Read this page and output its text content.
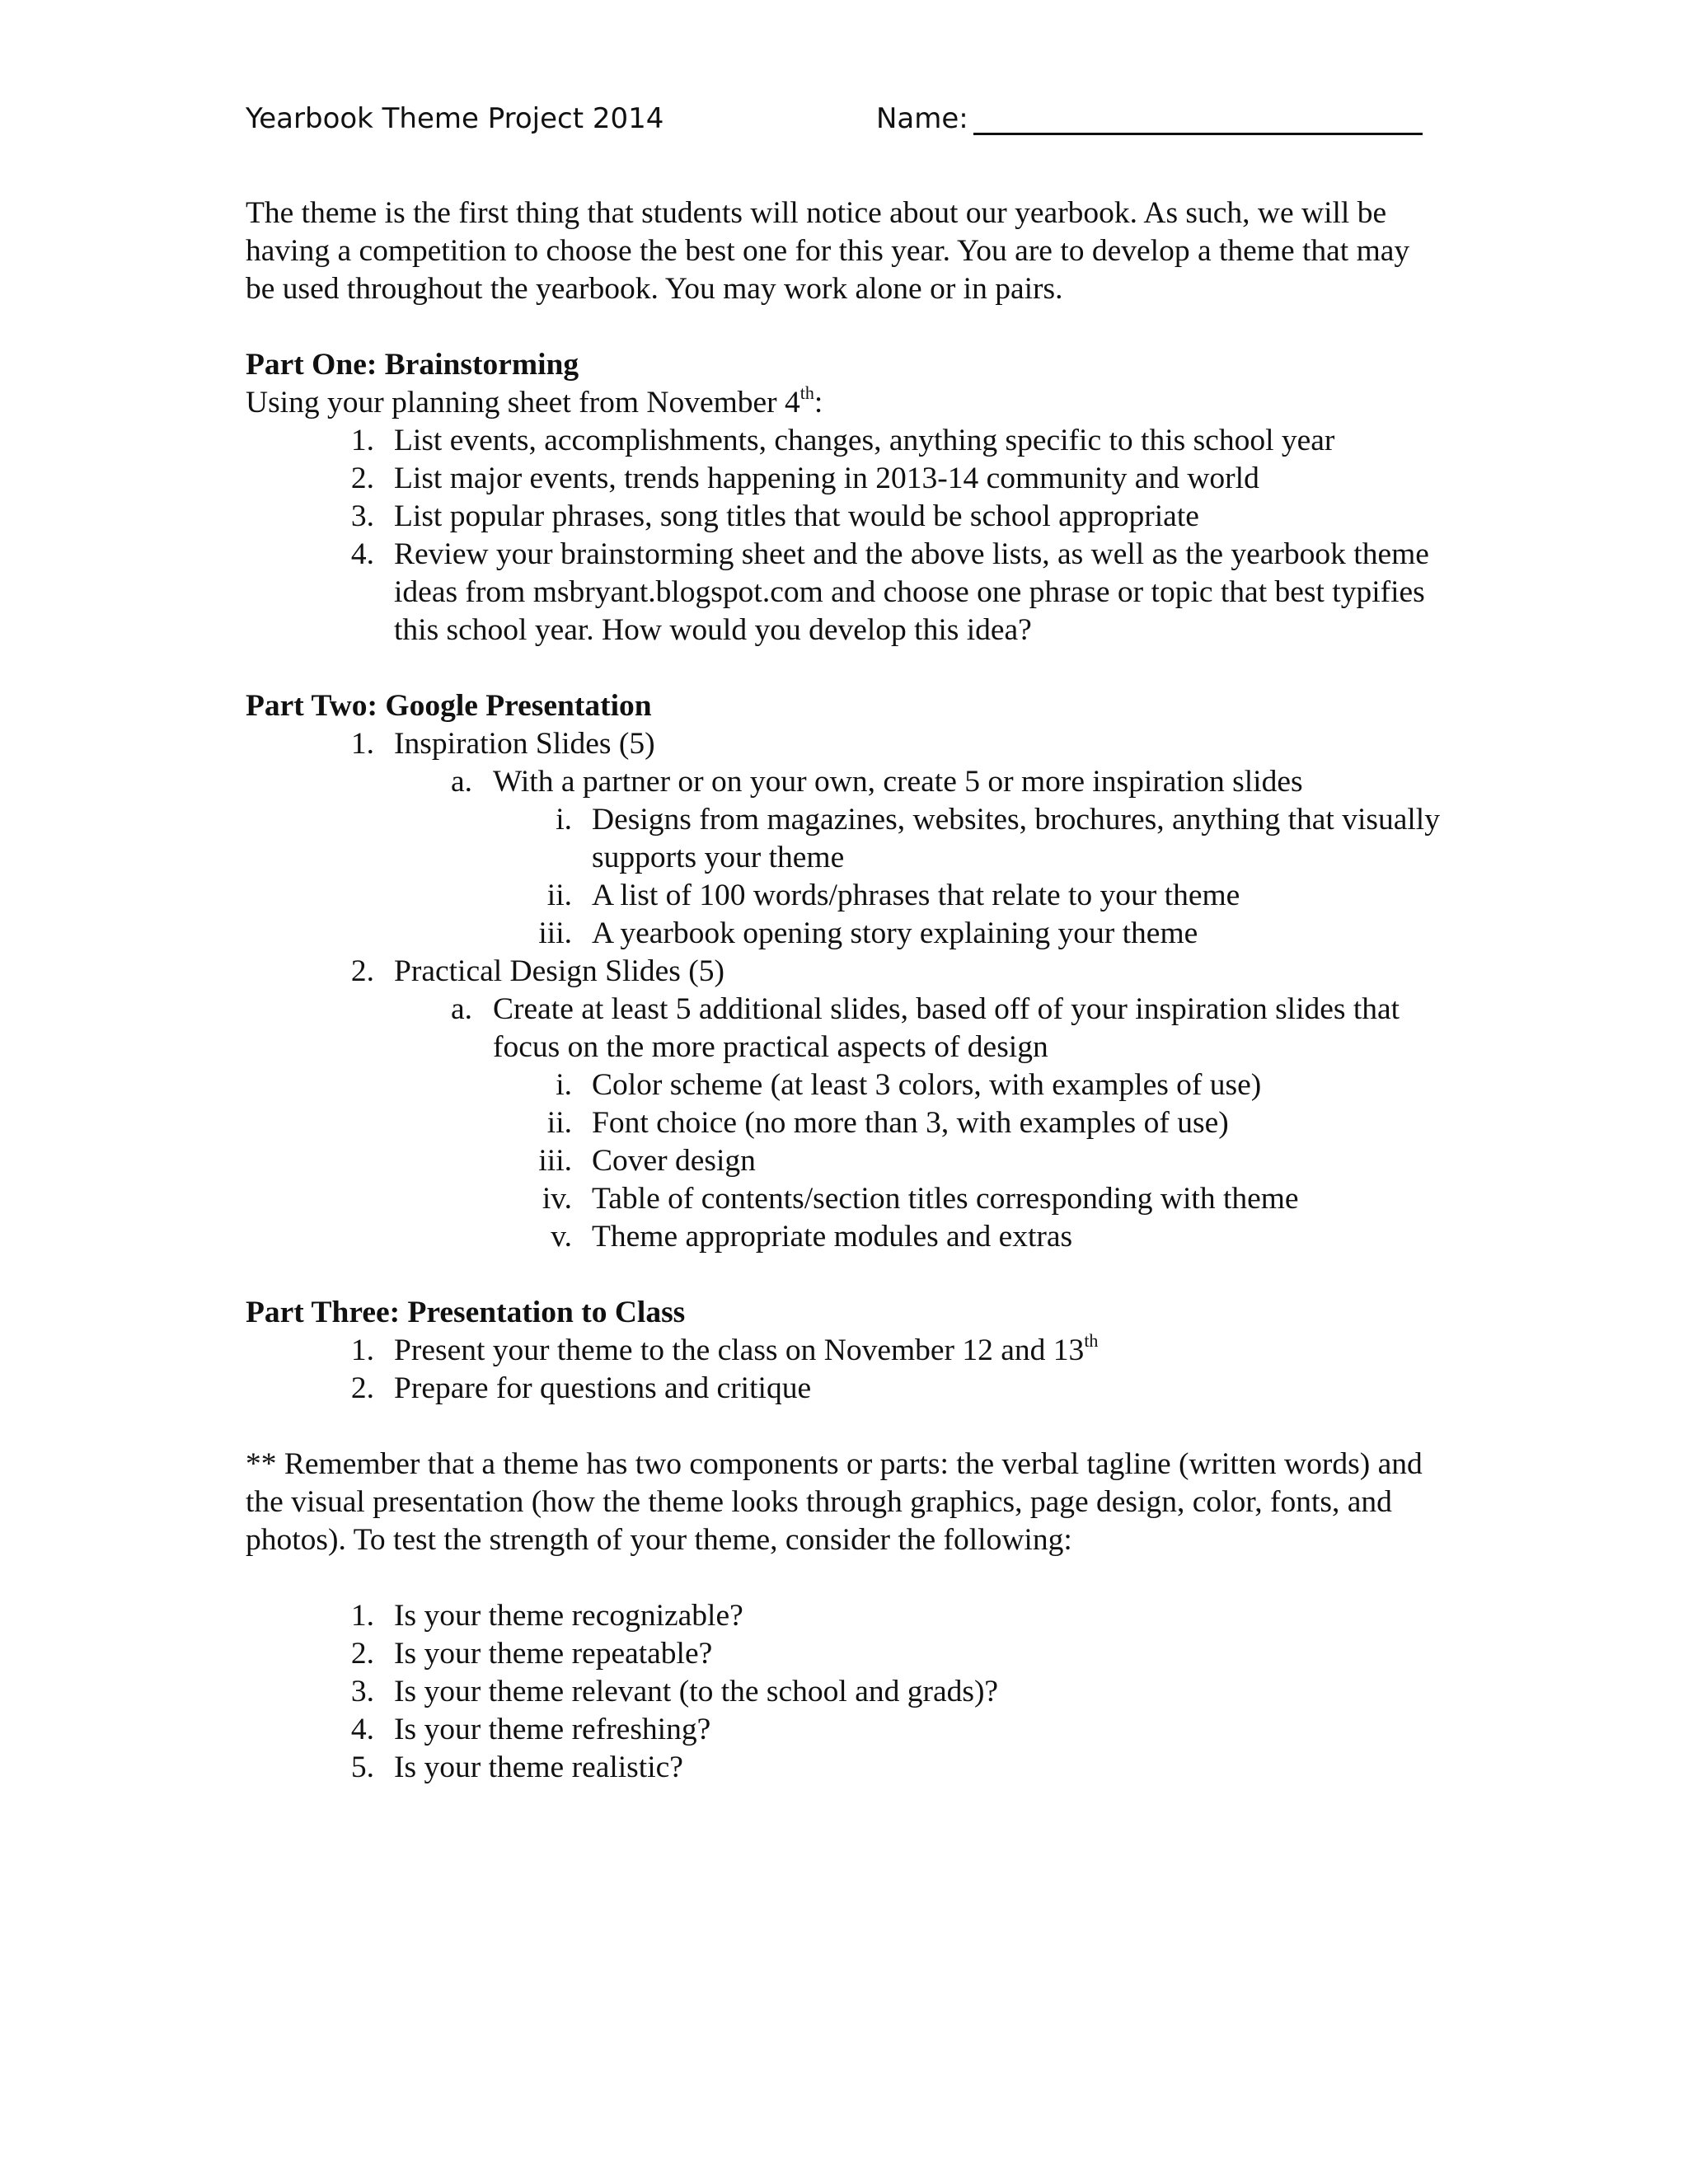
Yearbook Theme Project 2014	Name:

The theme is the first thing that students will notice about our yearbook. As such, we will be having a competition to choose the best one for this year. You are to develop a theme that may be used throughout the yearbook. You may work alone or in pairs.

Part One: Brainstorming

Using your planning sheet from November 4th:

1. List events, accomplishments, changes, anything specific to this school year
2. List major events, trends happening in 2013-14 community and world
3. List popular phrases, song titles that would be school appropriate
4. Review your brainstorming sheet and the above lists, as well as the yearbook theme ideas from msbryant.blogspot.com and choose one phrase or topic that best typifies this school year. How would you develop this idea?

Part Two: Google Presentation

1. Inspiration Slides (5)
a. With a partner or on your own, create 5 or more inspiration slides
i. Designs from magazines, websites, brochures, anything that visually supports your theme
ii. A list of 100 words/phrases that relate to your theme
iii. A yearbook opening story explaining your theme
2. Practical Design Slides (5)
a. Create at least 5 additional slides, based off of your inspiration slides that focus on the more practical aspects of design
i. Color scheme (at least 3 colors, with examples of use)
ii. Font choice (no more than 3, with examples of use)
iii. Cover design
iv. Table of contents/section titles corresponding with theme
v. Theme appropriate modules and extras

Part Three: Presentation to Class

1. Present your theme to the class on November 12 and 13th
2. Prepare for questions and critique

** Remember that a theme has two components or parts: the verbal tagline (written words) and the visual presentation (how the theme looks through graphics, page design, color, fonts, and photos). To test the strength of your theme, consider the following:

1. Is your theme recognizable?
2. Is your theme repeatable?
3. Is your theme relevant (to the school and grads)?
4. Is your theme refreshing?
5. Is your theme realistic?
